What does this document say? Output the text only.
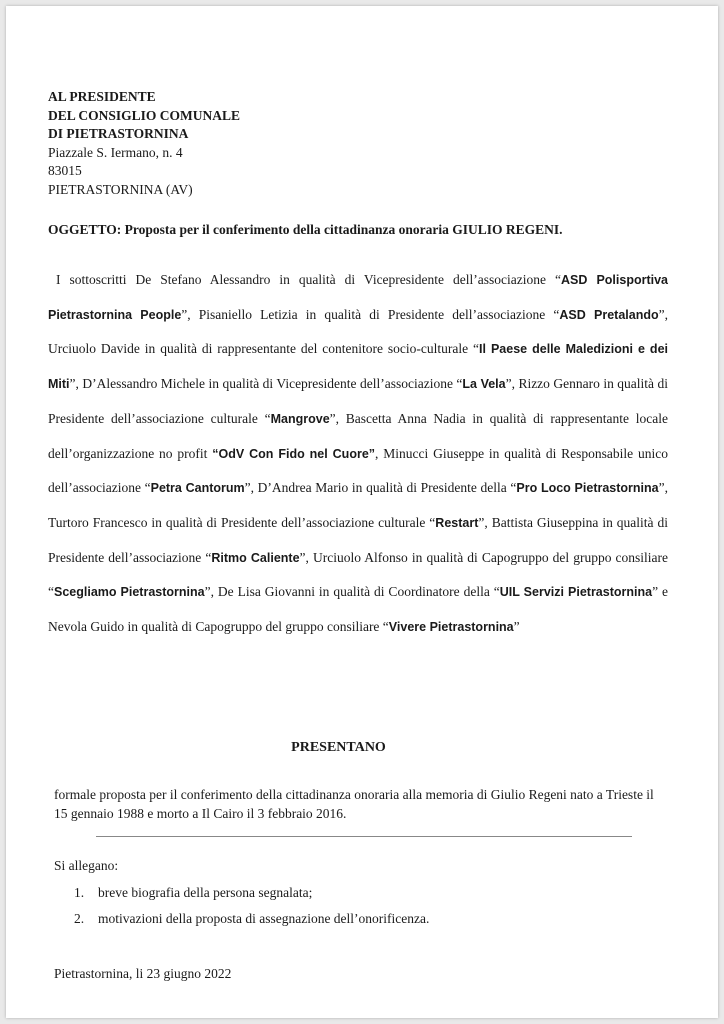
AL PRESIDENTE
DEL CONSIGLIO COMUNALE
DI PIETRASTORNINA
Piazzale S. Iermano, n. 4
83015
PIETRASTORNINA (AV)
OGGETTO: Proposta per il conferimento della cittadinanza onoraria GIULIO REGENI.
I sottoscritti De Stefano Alessandro in qualità di Vicepresidente dell’associazione “ASD Polisportiva Pietrastornina People”, Pisaniello Letizia in qualità di Presidente dell’associazione “ASD Pretalando”, Urciuolo Davide in qualità di rappresentante del contenitore socio-culturale “Il Paese delle Maledizioni e dei Miti”, D’Alessandro Michele in qualità di Vicepresidente dell’associazione “La Vela”, Rizzo Gennaro in qualità di Presidente dell’associazione culturale “Mangrove”, Bascetta Anna Nadia in qualità di rappresentante locale dell’organizzazione no profit “OdV Con Fido nel Cuore”, Minucci Giuseppe in qualità di Responsabile unico dell’associazione “Petra Cantorum”, D’Andrea Mario in qualità di Presidente della “Pro Loco Pietrastornina”, Turtoro Francesco in qualità di Presidente dell’associazione culturale “Restart”, Battista Giuseppina in qualità di Presidente dell’associazione “Ritmo Caliente”, Urciuolo Alfonso in qualità di Capogruppo del gruppo consiliare “Scegliamo Pietrastornina”, De Lisa Giovanni in qualità di Coordinatore della “UIL Servizi Pietrastornina” e Nevola Guido in qualità di Capogruppo del gruppo consiliare “Vivere Pietrastornina”
PRESENTANO
formale proposta per il conferimento della cittadinanza onoraria alla memoria di Giulio Regeni nato a Trieste il 15 gennaio 1988 e morto a Il Cairo il 3 febbraio 2016.
Si allegano:
1. breve biografia della persona segnalata;
2. motivazioni della proposta di assegnazione dell’onorificenza.
Pietrastornina, li 23 giugno 2022
